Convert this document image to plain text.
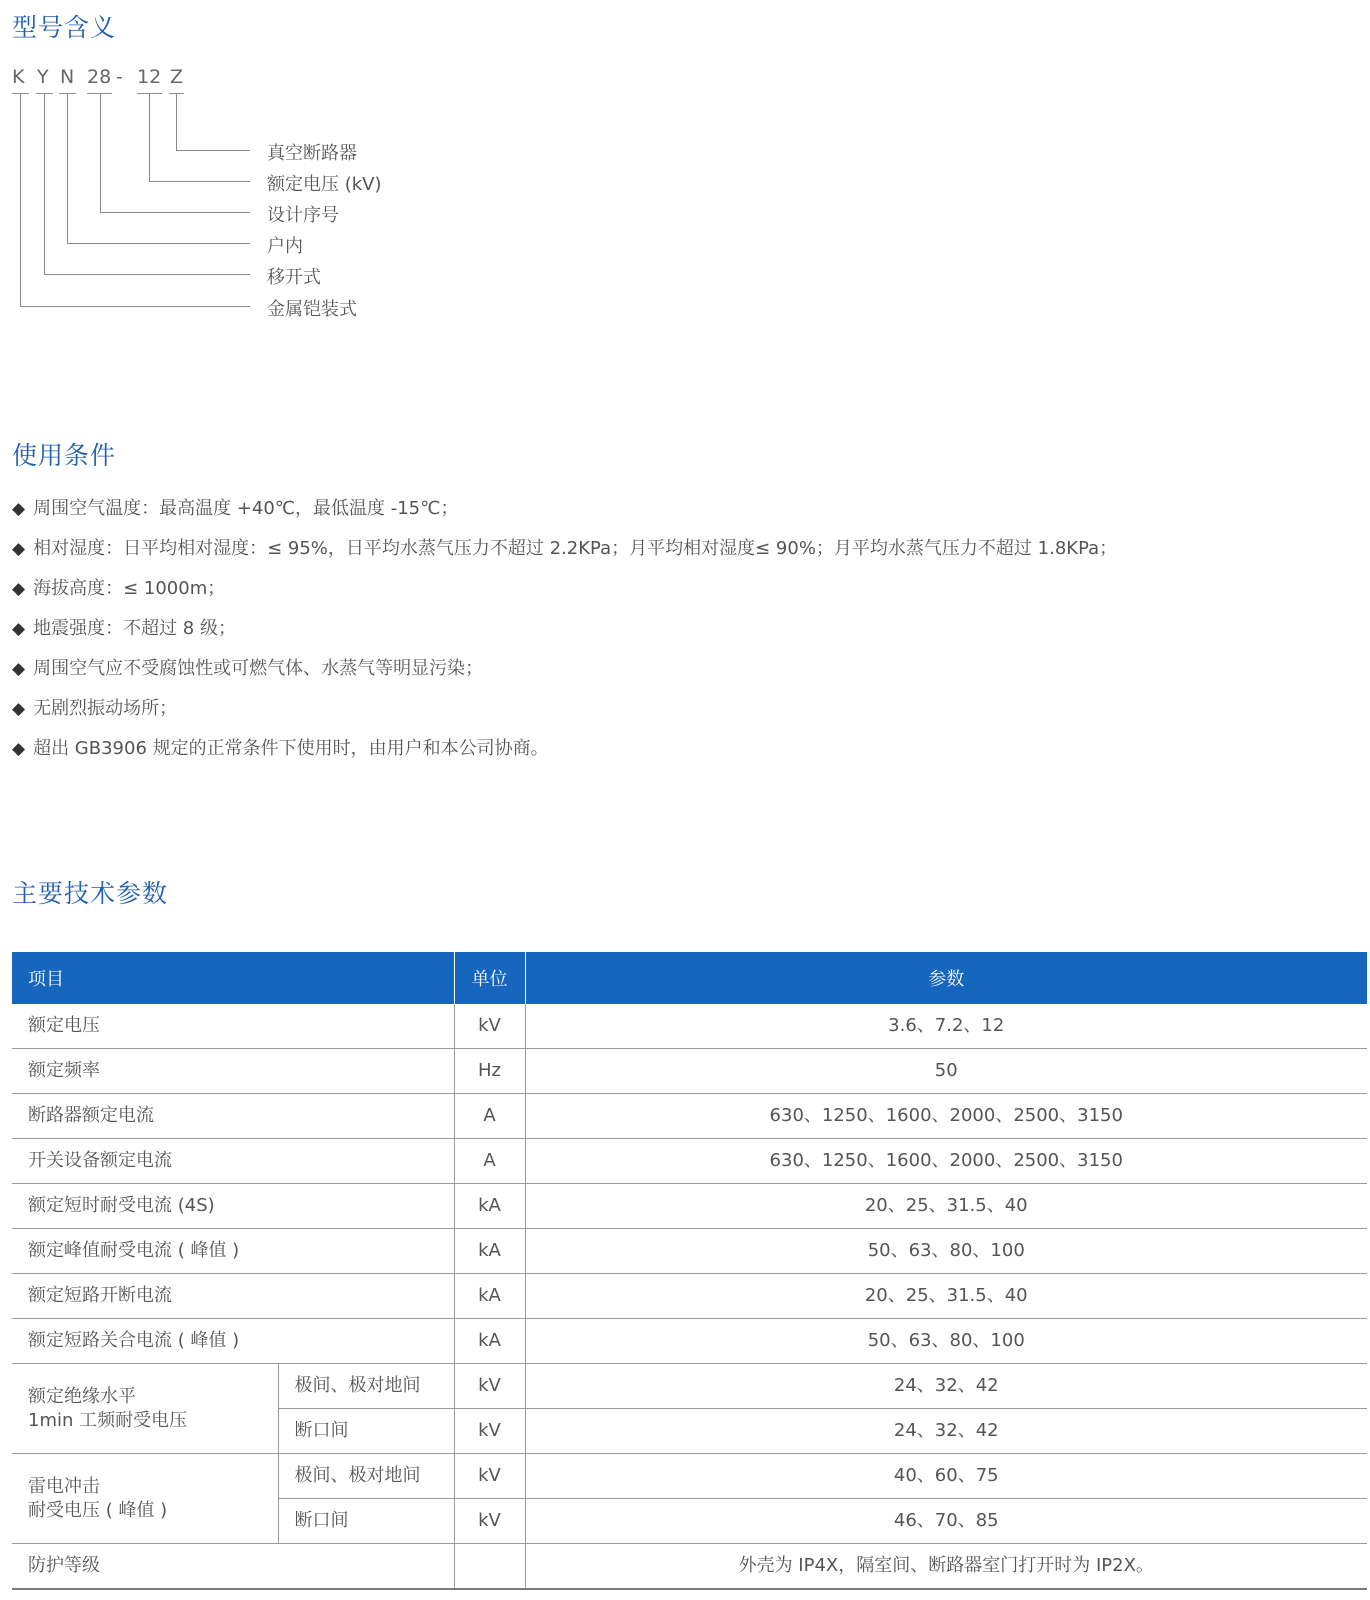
型号含义
K Y N 28 - 12 Z
真空断路器
额定电压 (kV)
设计序号
户内
移开式
金属铠装式
使用条件
◆ 周围空气温度：最高温度 +40℃，最低温度 -15℃；
◆ 相对湿度：日平均相对湿度：≤ 95%，日平均水蒸气压力不超过 2.2KPa；月平均相对湿度≤ 90%；月平均水蒸气压力不超过 1.8KPa；
◆ 海拔高度：≤ 1000m；
◆ 地震强度：不超过 8 级；
◆ 周围空气应不受腐蚀性或可燃气体、水蒸气等明显污染；
◆ 无剧烈振动场所；
◆ 超出 GB3906 规定的正常条件下使用时，由用户和本公司协商。
主要技术参数
项目		单位	参数
额定电压		kV	3.6、7.2、12
额定频率		Hz	50
断路器额定电流		A	630、1250、1600、2000、2500、3150
开关设备额定电流		A	630、1250、1600、2000、2500、3150
额定短时耐受电流 (4S)		kA	20、25、31.5、40
额定峰值耐受电流 ( 峰值 )		kA	50、63、80、100
额定短路开断电流		kA	20、25、31.5、40
额定短路关合电流 ( 峰值 )		kA	50、63、80、100

额定绝缘水平
1min 工频耐受电压	极间、极对地间	kV	24、32、42
	断口间	kV	24、32、42

雷电冲击
耐受电压 ( 峰值 )	极间、极对地间	kV	40、60、75
	断口间	kV	46、70、85
防护等级			外壳为 IP4X，隔室间、断路器室门打开时为 IP2X。
